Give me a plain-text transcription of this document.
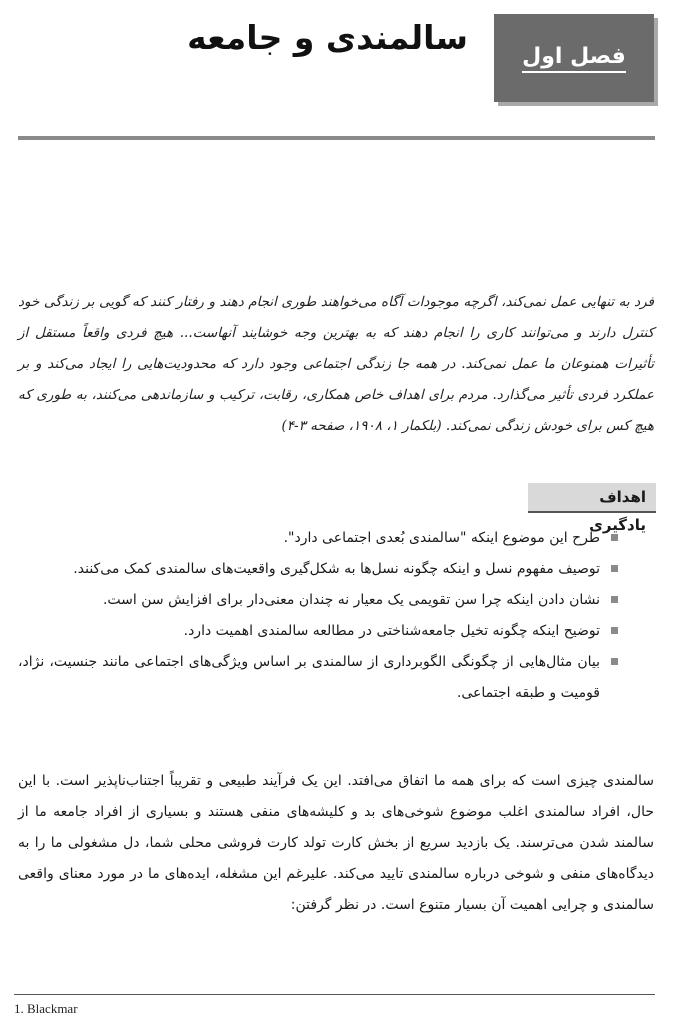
فصل اول
سالمندی و جامعه
فرد به تنهایی عمل نمی‌کند، اگرچه موجودات آگاه می‌خواهند طوری انجام دهند و رفتار کنند که گویی بر زندگی خود کنترل دارند و می‌توانند کاری را انجام دهند که به بهترین وجه خوشایند آنهاست... هیچ فردی واقعاً مستقل از تأثیرات همنوعان ما عمل نمی‌کند. در همه جا زندگی اجتماعی وجود دارد که محدودیت‌هایی را ایجاد می‌کند و بر عملکرد فردی تأثیر می‌گذارد. مردم برای اهداف خاص همکاری، رقابت، ترکیب و سازماندهی می‌کنند، به طوری که هیچ کس برای خودش زندگی نمی‌کند. (بلکمار ۱، ۱۹۰۸، صفحه ۳-۴)
اهداف یادگیری
طرح این موضوع اینکه "سالمندی بُعدی اجتماعی دارد".
توصیف مفهوم نسل و اینکه چگونه نسل‌ها به شکل‌گیری واقعیت‌های سالمندی کمک می‌کنند.
نشان دادن اینکه چرا سن تقویمی یک معیار نه چندان معنی‌دار برای افزایش سن است.
توضیح اینکه چگونه تخیل جامعه‌شناختی در مطالعه سالمندی اهمیت دارد.
بیان مثال‌هایی از چگونگی الگوبرداری از سالمندی بر اساس ویژگی‌های اجتماعی مانند جنسیت، نژاد، قومیت و طبقه اجتماعی.
سالمندی چیزی است که برای همه ما اتفاق می‌افتد. این یک فرآیند طبیعی و تقریباً اجتناب‌ناپذیر است. با این حال، افراد سالمندی اغلب موضوع شوخی‌های بد و کلیشه‌های منفی هستند و بسیاری از افراد جامعه ما از سالمند شدن می‌ترسند. یک بازدید سریع از بخش کارت تولد کارت فروشی محلی شما، دل مشغولی ما را به دیدگاه‌های منفی و شوخی درباره سالمندی تایید می‌کند. علیرغم این مشغله، ایده‌های ما در مورد معنای واقعی سالمندی و چرایی اهمیت آن بسیار متنوع است. در نظر گرفتن:
1. Blackmar
